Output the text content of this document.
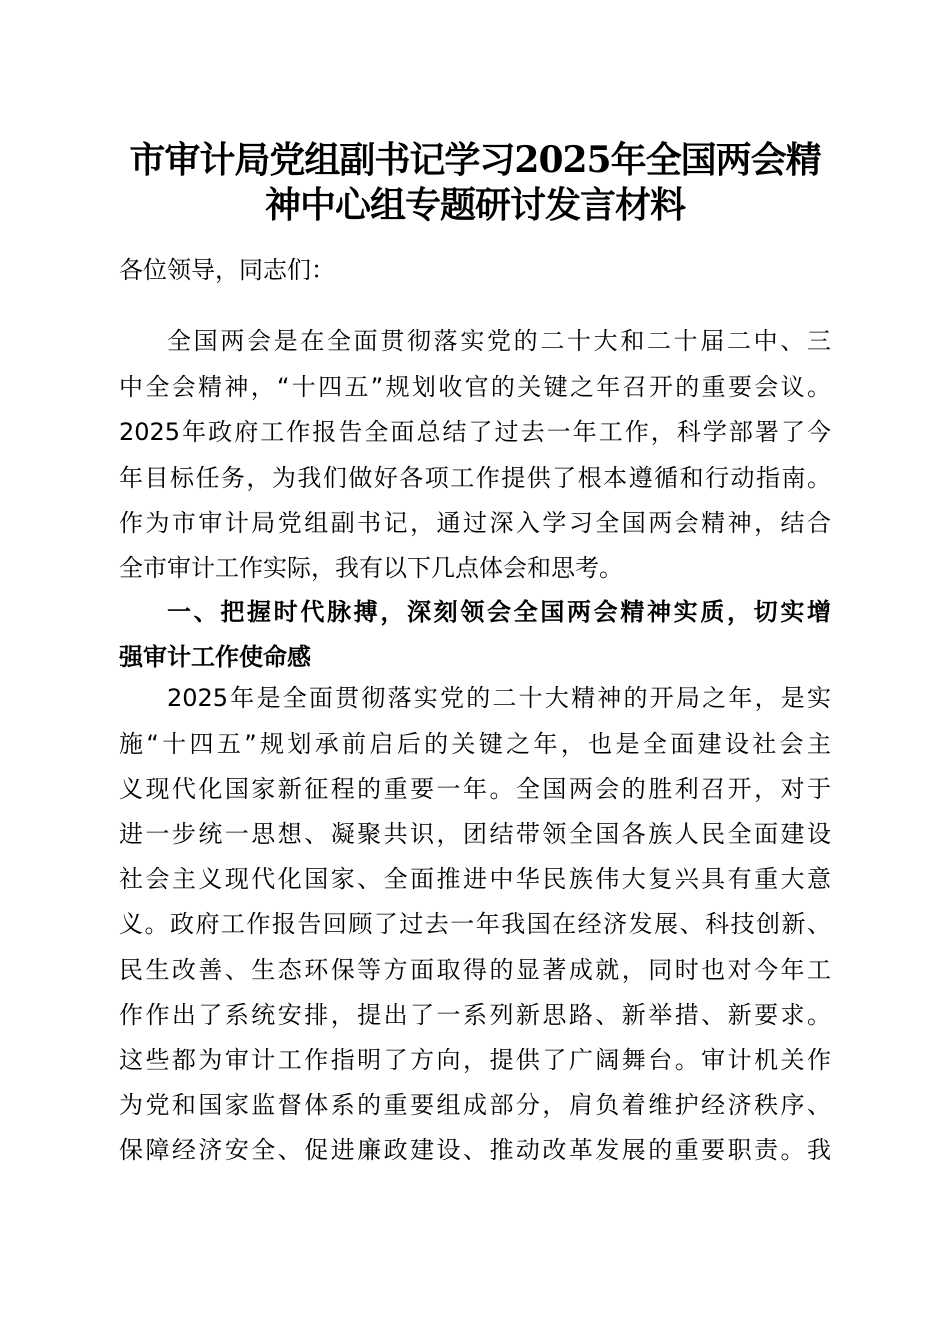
市审计局党组副书记学习2025年全国两会精
神中心组专题研讨发言材料

各位领导，同志们：

全国两会是在全面贯彻落实党的二十大和二十届二中、三

中全会精神，“十四五”规划收官的关键之年召开的重要会议。

2025年政府工作报告全面总结了过去一年工作，科学部署了今

年目标任务，为我们做好各项工作提供了根本遵循和行动指南。

作为市审计局党组副书记，通过深入学习全国两会精神，结合

全市审计工作实际，我有以下几点体会和思考。

一、把握时代脉搏，深刻领会全国两会精神实质，切实增

强审计工作使命感

2025年是全面贯彻落实党的二十大精神的开局之年，是实

施“十四五”规划承前启后的关键之年，也是全面建设社会主

义现代化国家新征程的重要一年。全国两会的胜利召开，对于

进一步统一思想、凝聚共识，团结带领全国各族人民全面建设

社会主义现代化国家、全面推进中华民族伟大复兴具有重大意

义。政府工作报告回顾了过去一年我国在经济发展、科技创新、

民生改善、生态环保等方面取得的显著成就，同时也对今年工

作作出了系统安排，提出了一系列新思路、新举措、新要求。

这些都为审计工作指明了方向，提供了广阔舞台。审计机关作

为党和国家监督体系的重要组成部分，肩负着维护经济秩序、

保障经济安全、促进廉政建设、推动改革发展的重要职责。我
